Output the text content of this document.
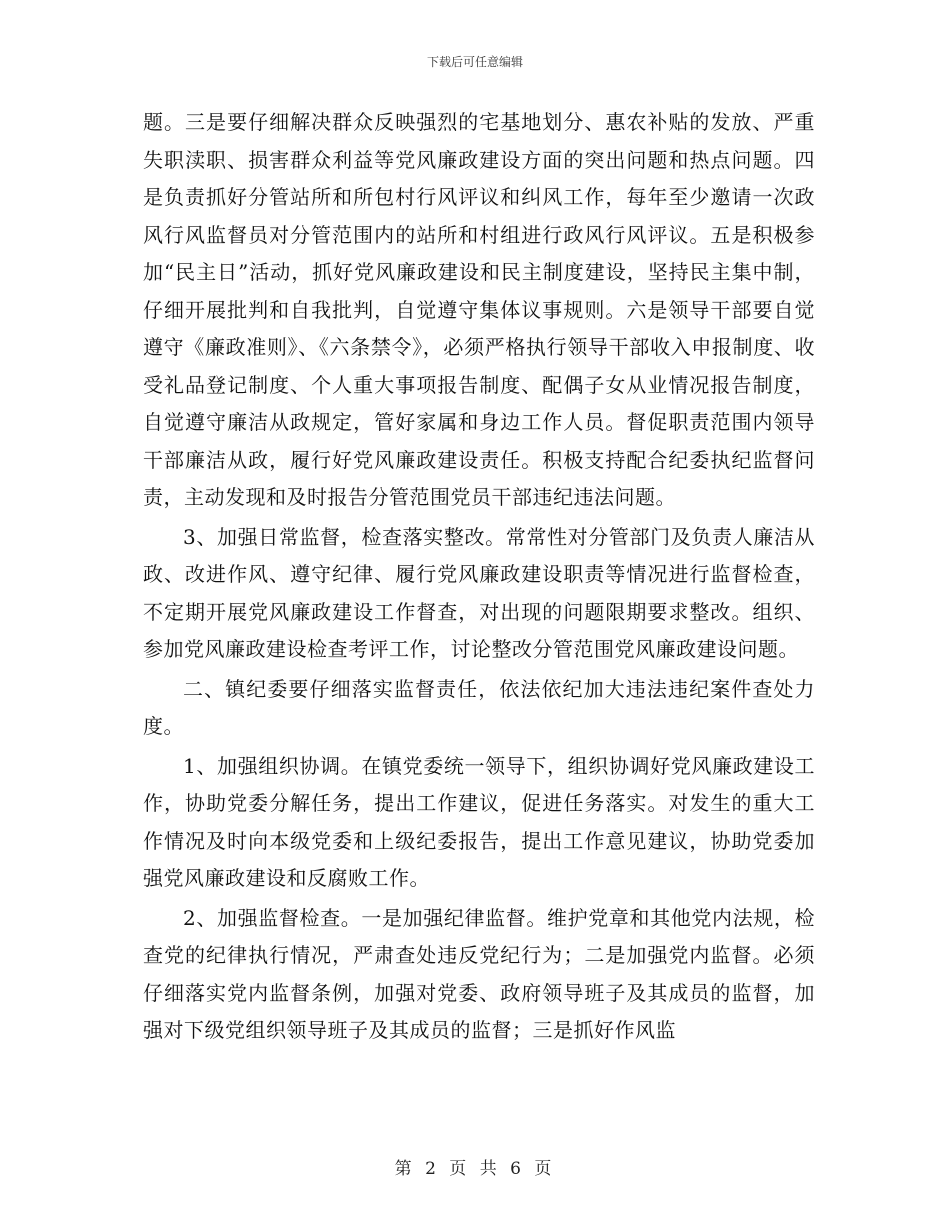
下载后可任意编辑

题。三是要仔细解决群众反映强烈的宅基地划分、惠农补贴的发放、严重失职渎职、损害群众利益等党风廉政建设方面的突出问题和热点问题。四是负责抓好分管站所和所包村行风评议和纠风工作，每年至少邀请一次政风行风监督员对分管范围内的站所和村组进行政风行风评议。五是积极参加“民主日”活动，抓好党风廉政建设和民主制度建设，坚持民主集中制，仔细开展批判和自我批判，自觉遵守集体议事规则。六是领导干部要自觉遵守《廉政准则》、《六条禁令》，必须严格执行领导干部收入申报制度、收受礼品登记制度、个人重大事项报告制度、配偶子女从业情况报告制度，自觉遵守廉洁从政规定，管好家属和身边工作人员。督促职责范围内领导干部廉洁从政，履行好党风廉政建设责任。积极支持配合纪委执纪监督问责，主动发现和及时报告分管范围党员干部违纪违法问题。

3、加强日常监督，检查落实整改。常常性对分管部门及负责人廉洁从政、改进作风、遵守纪律、履行党风廉政建设职责等情况进行监督检查，不定期开展党风廉政建设工作督查，对出现的问题限期要求整改。组织、参加党风廉政建设检查考评工作，讨论整改分管范围党风廉政建设问题。

二、镇纪委要仔细落实监督责任，依法依纪加大违法违纪案件查处力度。

1、加强组织协调。在镇党委统一领导下，组织协调好党风廉政建设工作，协助党委分解任务，提出工作建议，促进任务落实。对发生的重大工作情况及时向本级党委和上级纪委报告，提出工作意见建议，协助党委加强党风廉政建设和反腐败工作。

2、加强监督检查。一是加强纪律监督。维护党章和其他党内法规，检查党的纪律执行情况，严肃查处违反党纪行为；二是加强党内监督。必须仔细落实党内监督条例，加强对党委、政府领导班子及其成员的监督，加强对下级党组织领导班子及其成员的监督；三是抓好作风监

第 2 页 共 6 页
